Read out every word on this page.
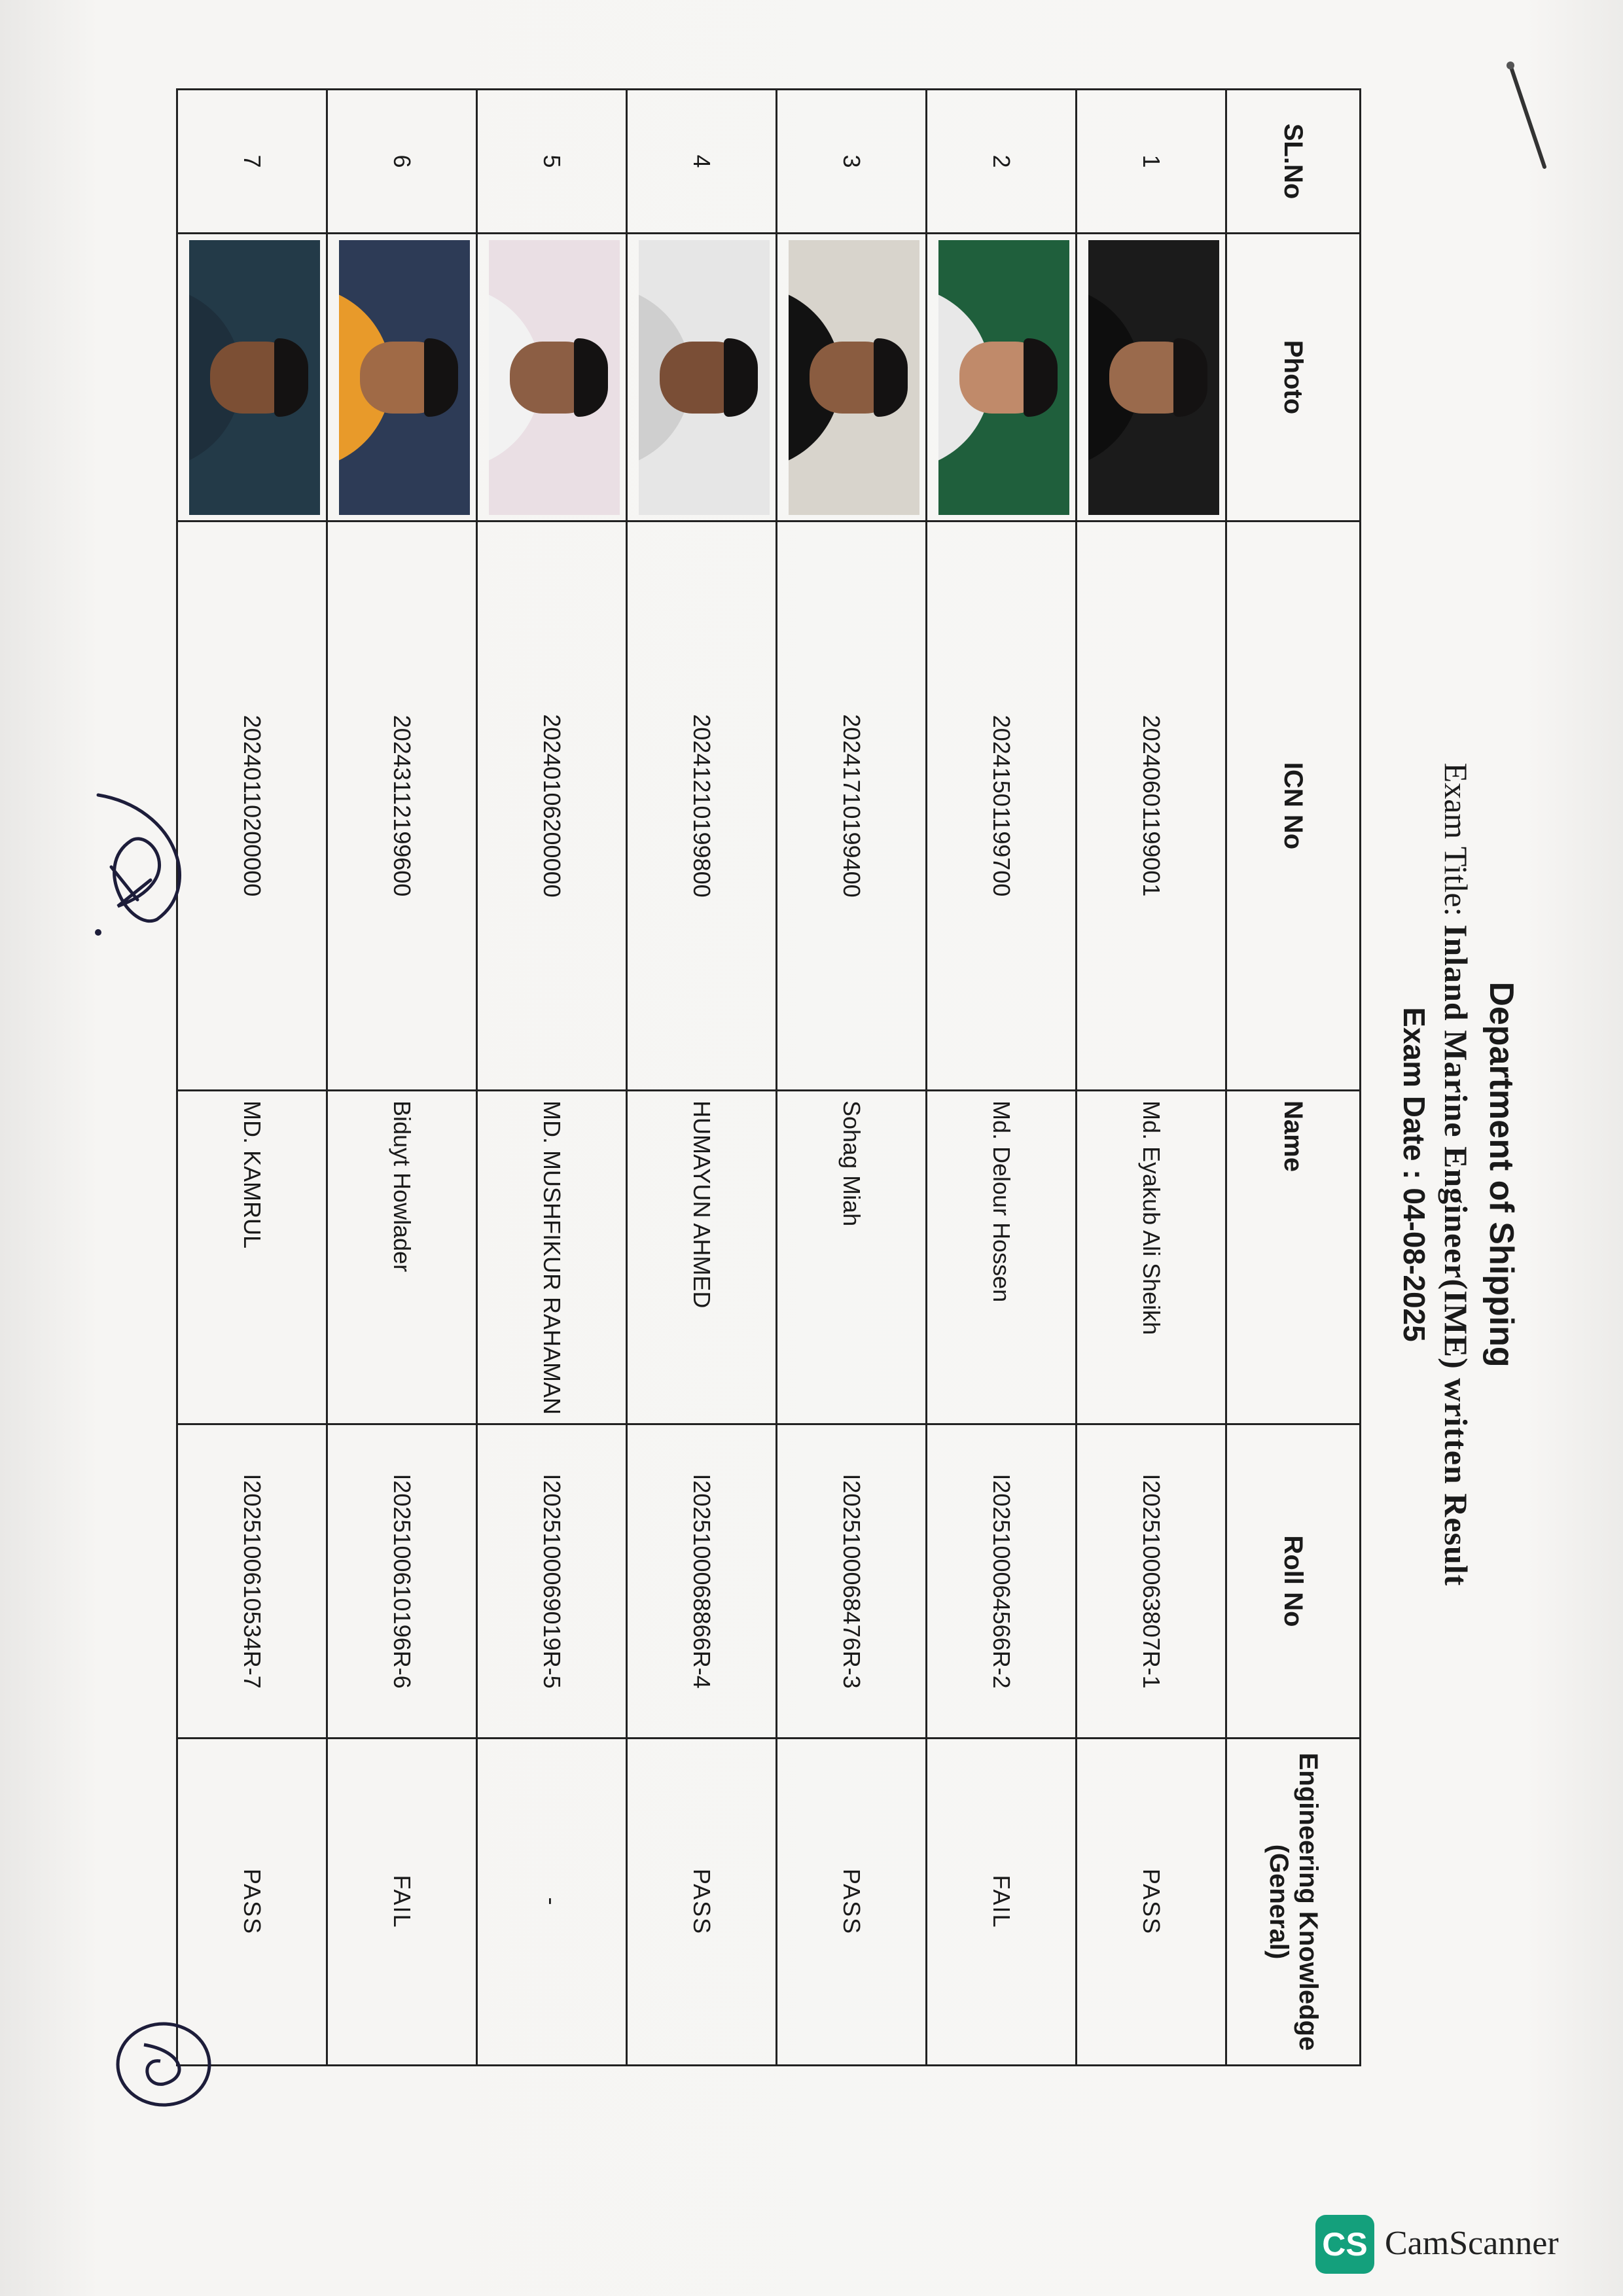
Department of Shipping
Exam Title: Inland Marine Engineer(IME) written Result
Exam Date : 04-08-2025
SL.No	Photo	ICN No	Name	Roll No	Engineering Knowledge (General)
1		20240601199001	Md. Eyakub Ali Sheikh	I2025100063807R-1	PASS
2		20241501199700	Md. Delour Hossen	I2025100064566R-2	FAIL
3		20241710199400	Sohag Miah	I2025100068476R-3	PASS
4		20241210199800	HUMAYUN AHMED	I2025100068866R-4	PASS
5		20240106200000	MD. MUSHFIKUR RAHAMAN	I2025100069019R-5	-
6		20243112199600	Biduyt Howlader	I2025100610196R-6	FAIL
7		20240110200000	MD. KAMRUL	I2025100610534R-7	PASS
CS CamScanner
